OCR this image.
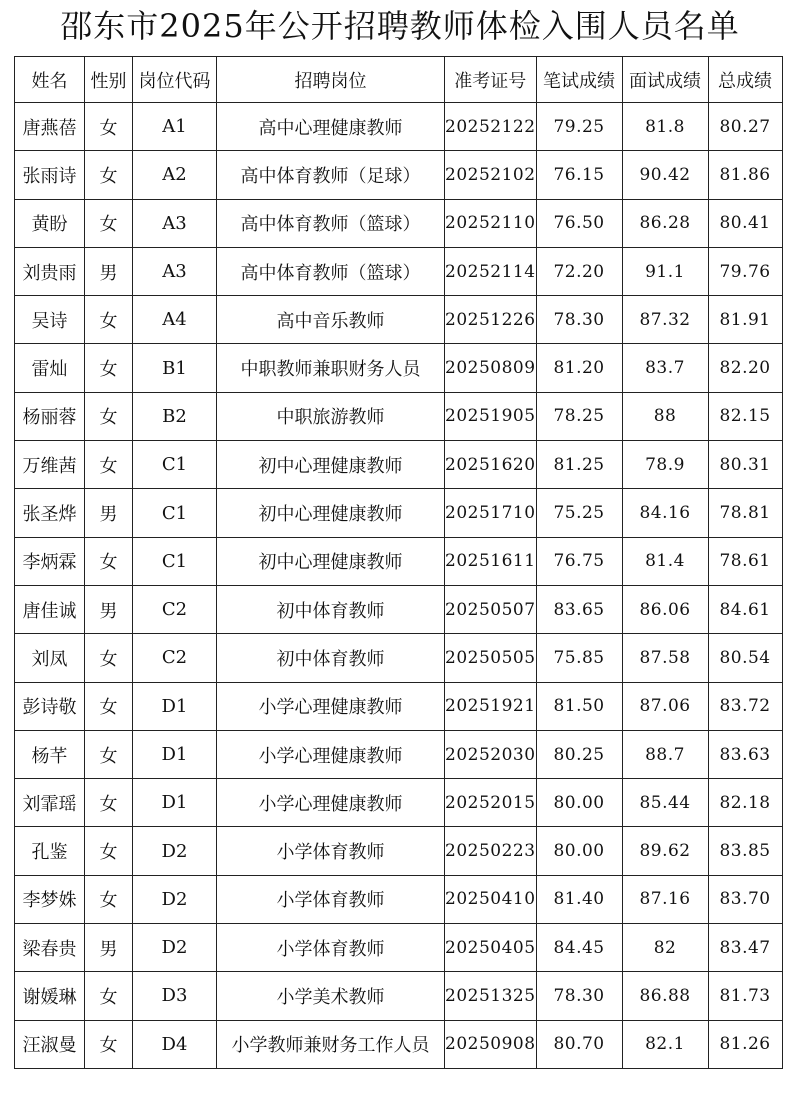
邵东市2025年公开招聘教师体检入围人员名单
姓名	性别	岗位代码	招聘岗位	准考证号	笔试成绩	面试成绩	总成绩
唐燕蓓	女	A1	高中心理健康教师	20252122	79.25	81.8	80.27
张雨诗	女	A2	高中体育教师（足球）	20252102	76.15	90.42	81.86
黄盼	女	A3	高中体育教师（篮球）	20252110	76.50	86.28	80.41
刘贵雨	男	A3	高中体育教师（篮球）	20252114	72.20	91.1	79.76
吴诗	女	A4	高中音乐教师	20251226	78.30	87.32	81.91
雷灿	女	B1	中职教师兼职财务人员	20250809	81.20	83.7	82.20
杨丽蓉	女	B2	中职旅游教师	20251905	78.25	88	82.15
万维茜	女	C1	初中心理健康教师	20251620	81.25	78.9	80.31
张圣烨	男	C1	初中心理健康教师	20251710	75.25	84.16	78.81
李炳霖	女	C1	初中心理健康教师	20251611	76.75	81.4	78.61
唐佳诚	男	C2	初中体育教师	20250507	83.65	86.06	84.61
刘凤	女	C2	初中体育教师	20250505	75.85	87.58	80.54
彭诗敬	女	D1	小学心理健康教师	20251921	81.50	87.06	83.72
杨芊	女	D1	小学心理健康教师	20252030	80.25	88.7	83.63
刘霏瑶	女	D1	小学心理健康教师	20252015	80.00	85.44	82.18
孔鉴	女	D2	小学体育教师	20250223	80.00	89.62	83.85
李梦姝	女	D2	小学体育教师	20250410	81.40	87.16	83.70
梁春贵	男	D2	小学体育教师	20250405	84.45	82	83.47
谢媛琳	女	D3	小学美术教师	20251325	78.30	86.88	81.73
汪淑曼	女	D4	小学教师兼财务工作人员	20250908	80.70	82.1	81.26
